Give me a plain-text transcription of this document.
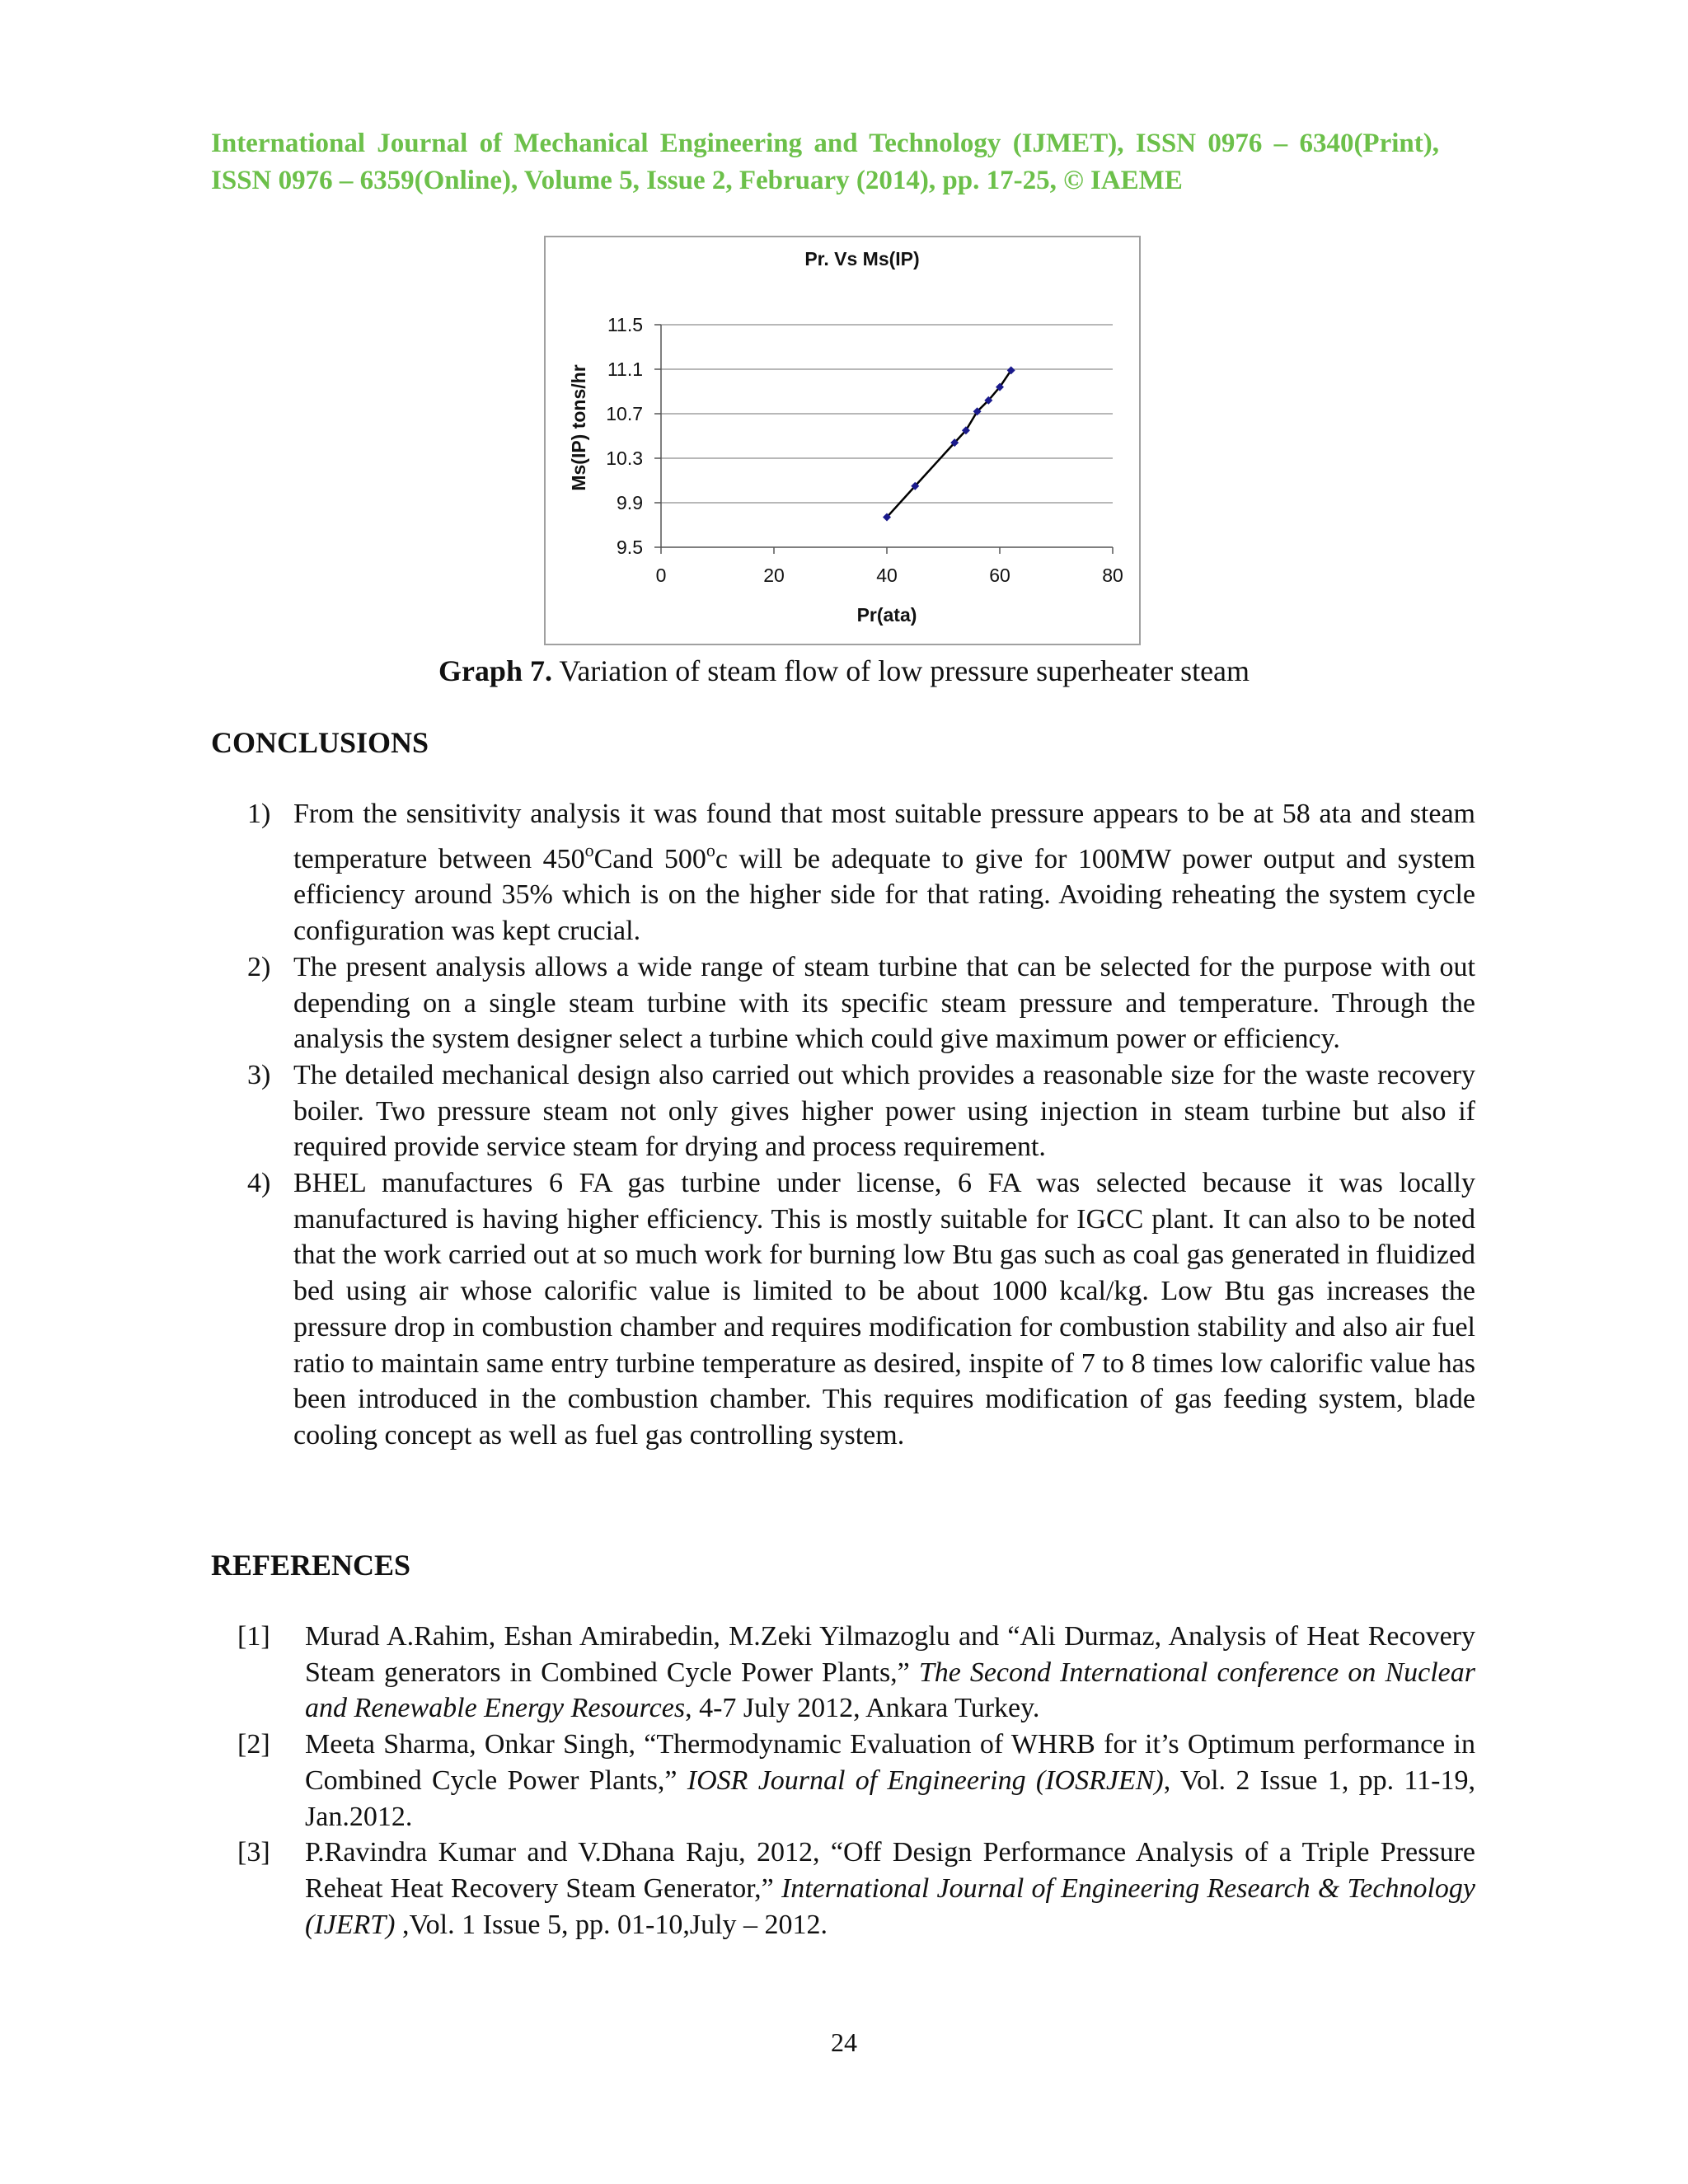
International Journal of Mechanical Engineering and Technology (IJMET), ISSN 0976 – 6340(Print), ISSN 0976 – 6359(Online), Volume 5, Issue 2, February (2014), pp. 17-25, © IAEME
Pr. Vs Ms(IP)
9.5
9.9
10.3
10.7
11.1
11.5
0	20	40	60	80
Pr(ata)
Ms(IP) tons/hr
Graph 7. Variation of steam flow of low pressure superheater steam
CONCLUSIONS
1) From the sensitivity analysis it was found that most suitable pressure appears to be at 58 ata and steam temperature between 450$^o$Cand 500$^o$c will be adequate to give for 100MW power output and system efficiency around 35% which is on the higher side for that rating. Avoiding reheating the system cycle configuration was kept crucial.
2) The present analysis allows a wide range of steam turbine that can be selected for the purpose with out depending on a single steam turbine with its specific steam pressure and temperature. Through the analysis the system designer select a turbine which could give maximum power or efficiency.
3) The detailed mechanical design also carried out which provides a reasonable size for the waste recovery boiler. Two pressure steam not only gives higher power using injection in steam turbine but also if required provide service steam for drying and process requirement.
4) BHEL manufactures 6 FA gas turbine under license, 6 FA was selected because it was locally manufactured is having higher efficiency. This is mostly suitable for IGCC plant. It can also to be noted that the work carried out at so much work for burning low Btu gas such as coal gas generated in fluidized bed using air whose calorific value is limited to be about 1000 kcal/kg. Low Btu gas increases the pressure drop in combustion chamber and requires modification for combustion stability and also air fuel ratio to maintain same entry turbine temperature as desired, inspite of 7 to 8 times low calorific value has been introduced in the combustion chamber. This requires modification of gas feeding system, blade cooling concept as well as fuel gas controlling system.
REFERENCES
[1] Murad A.Rahim, Eshan Amirabedin, M.Zeki Yilmazoglu and “Ali Durmaz, Analysis of Heat Recovery Steam generators in Combined Cycle Power Plants,” The Second International conference on Nuclear and Renewable Energy Resources, 4-7 July 2012, Ankara Turkey.
[2] Meeta Sharma, Onkar Singh, “Thermodynamic Evaluation of WHRB for it’s Optimum performance in Combined Cycle Power Plants,” IOSR Journal of Engineering (IOSRJEN), Vol. 2 Issue 1, pp. 11-19, Jan.2012.
[3] P.Ravindra Kumar and V.Dhana Raju, 2012, “Off Design Performance Analysis of a Triple Pressure Reheat Heat Recovery Steam Generator,” International Journal of Engineering Research & Technology (IJERT) ,Vol. 1 Issue 5, pp. 01-10,July – 2012.
24
